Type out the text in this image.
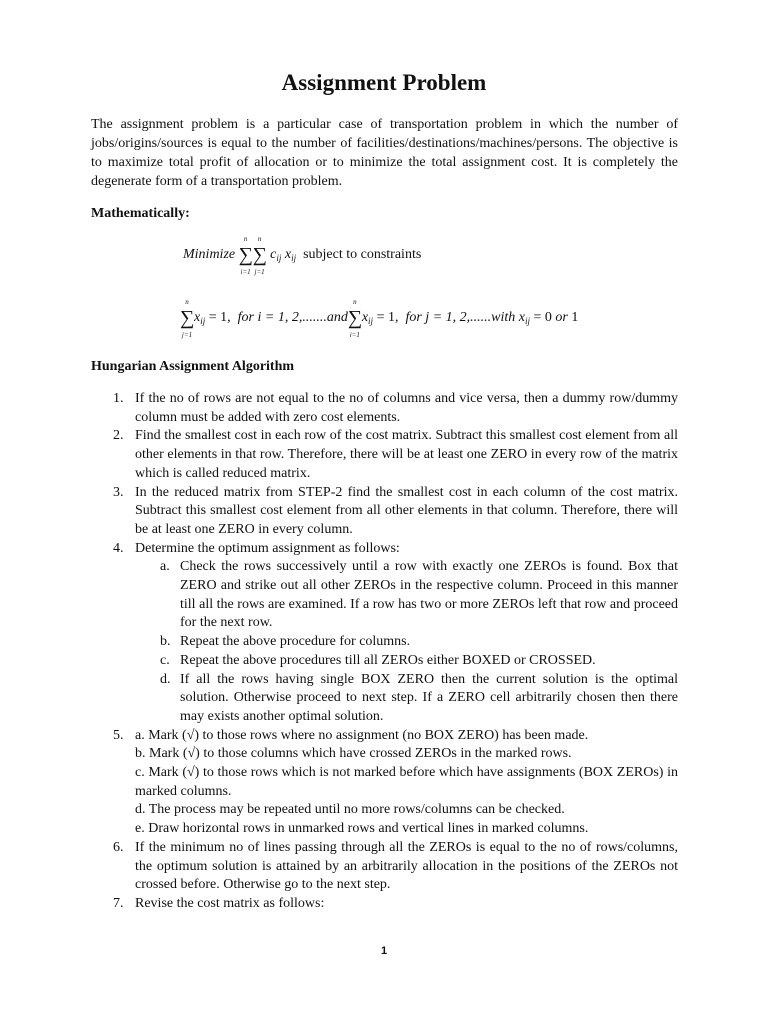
Assignment Problem

The assignment problem is a particular case of transportation problem in which the number of jobs/origins/sources is equal to the number of facilities/destinations/machines/persons. The objective is to maximize total profit of allocation or to minimize the total assignment cost. It is completely the degenerate form of a transportation problem.

Mathematically:

Minimize
n
∑
i=1
n
∑
j=1
$c_{ij}$ $x_{ij}$ subject to constraints
n
∑
j=1
$x_{ij} = 1$, for i = 1, 2,.......and
n
∑
i=1
$x_{ij} = 1$, for j = 1, 2,......with $x_{ij} = 0$ or 1

Hungarian Assignment Algorithm

1. If the no of rows are not equal to the no of columns and vice versa, then a dummy row/dummy column must be added with zero cost elements.
2. Find the smallest cost in each row of the cost matrix. Subtract this smallest cost element from all other elements in that row. Therefore, there will be at least one ZERO in every row of the matrix which is called reduced matrix.
3. In the reduced matrix from STEP-2 find the smallest cost in each column of the cost matrix. Subtract this smallest cost element from all other elements in that column. Therefore, there will be at least one ZERO in every column.
4. Determine the optimum assignment as follows:
a. Check the rows successively until a row with exactly one ZEROs is found. Box that ZERO and strike out all other ZEROs in the respective column. Proceed in this manner till all the rows are examined. If a row has two or more ZEROs left that row and proceed for the next row.
b. Repeat the above procedure for columns.
c. Repeat the above procedures till all ZEROs either BOXED or CROSSED.
d. If all the rows having single BOX ZERO then the current solution is the optimal solution. Otherwise proceed to next step. If a ZERO cell arbitrarily chosen then there may exists another optimal solution.
5. a. Mark (√) to those rows where no assignment (no BOX ZERO) has been made.
b. Mark (√) to those columns which have crossed ZEROs in the marked rows.
c. Mark (√) to those rows which is not marked before which have assignments (BOX ZEROs) in marked columns.
d. The process may be repeated until no more rows/columns can be checked.
e. Draw horizontal rows in unmarked rows and vertical lines in marked columns.
6. If the minimum no of lines passing through all the ZEROs is equal to the no of rows/columns, the optimum solution is attained by an arbitrarily allocation in the positions of the ZEROs not crossed before. Otherwise go to the next step.
7. Revise the cost matrix as follows:
1
